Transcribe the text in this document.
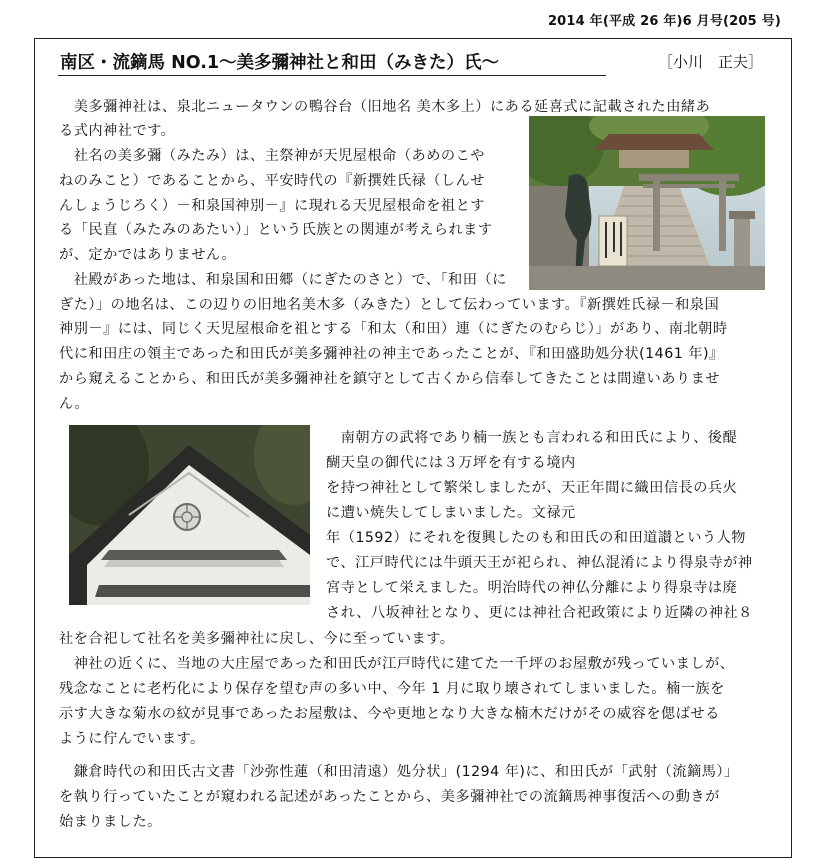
2014 年(平成 26 年)6 月号(205 号)
南区・流鏑馬 NO.1～美多彌神社と和田（みきた）氏～	［小川　正夫］
　美多彌神社は、泉北ニュータウンの鴨谷台（旧地名 美木多上）にある延喜式に記載された由緒あ
る式内神社です。
　社名の美多彌（みたみ）は、主祭神が天児屋根命（あめのこや
ねのみこと）であることから、平安時代の『新撰姓氏禄（しんせ
んしょうじろく）－和泉国神別－』に現れる天児屋根命を祖とす
る「民直（みたみのあたい）」という氏族との関連が考えられます
が、定かではありません。
　社殿があった地は、和泉国和田郷（にぎたのさと）で、「和田（に
ぎた）」の地名は、この辺りの旧地名美木多（みきた）として伝わっています。『新撰姓氏禄－和泉国
神別－』には、同じく天児屋根命を祖とする「和太（和田）連（にぎたのむらじ）」があり、南北朝時
代に和田庄の領主であった和田氏が美多彌神社の神主であったことが、『和田盛助処分状(1461 年)』
から窺えることから、和田氏が美多彌神社を鎮守として古くから信奉してきたことは間違いありませ
ん。
　南朝方の武将であり楠一族とも言われる和田氏により、後醍
醐天皇の御代には３万坪を有する境内
を持つ神社として繁栄しましたが、天正年間に織田信長の兵火
に遭い焼失してしまいました。文禄元
年（1592）にそれを復興したのも和田氏の和田道讃という人物
で、江戸時代には牛頭天王が祀られ、神仏混淆により得泉寺が神
宮寺として栄えました。明治時代の神仏分離により得泉寺は廃
され、八坂神社となり、更には神社合祀政策により近隣の神社８
社を合祀して社名を美多彌神社に戻し、今に至っています。
　神社の近くに、当地の大庄屋であった和田氏が江戸時代に建てた一千坪のお屋敷が残っていましが、
残念なことに老朽化により保存を望む声の多い中、今年 1 月に取り壊されてしまいました。楠一族を
示す大きな菊水の紋が見事であったお屋敷は、今や更地となり大きな楠木だけがその威容を偲ばせる
ように佇んでいます。
　鎌倉時代の和田氏古文書「沙弥性蓮（和田清遠）処分状」(1294 年)に、和田氏が「武射（流鏑馬）」
を執り行っていたことが窺われる記述があったことから、美多彌神社での流鏑馬神事復活への動きが
始まりました。
